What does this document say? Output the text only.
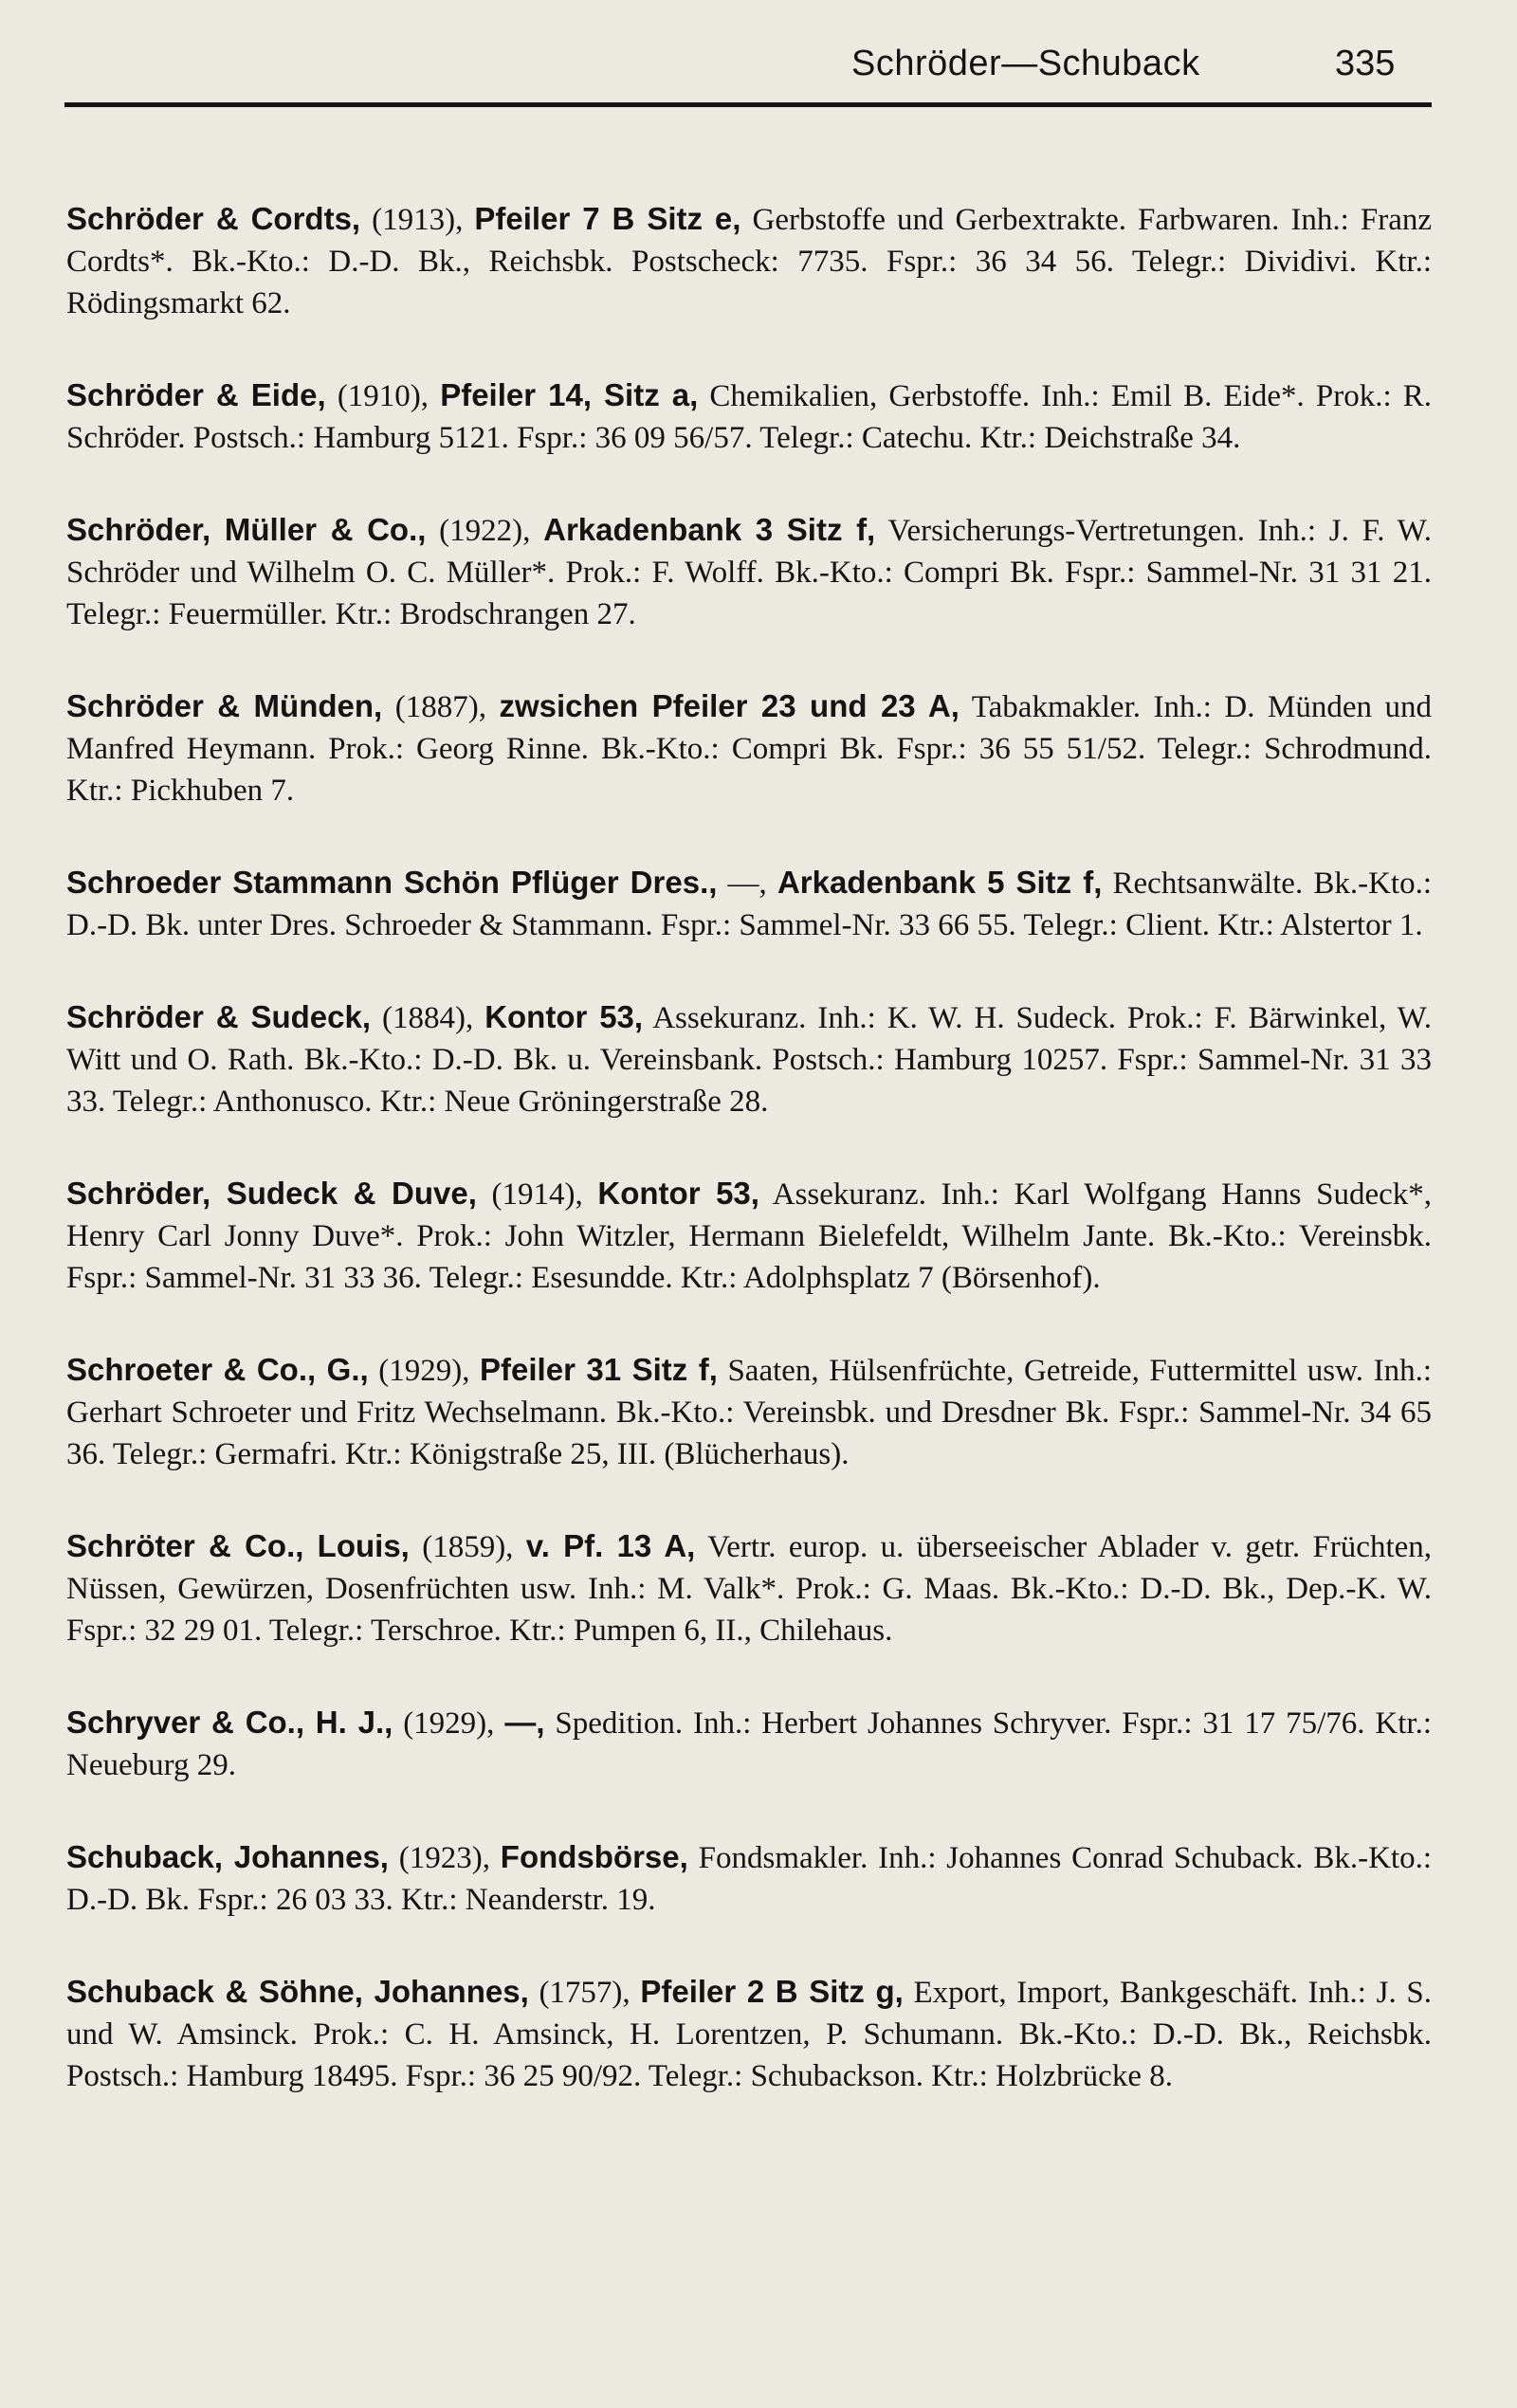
Schröder—Schuback	335

Schröder & Cordts, (1913), Pfeiler 7 B Sitz e, Gerbstoffe und Gerbextrakte. Farbwaren. Inh.: Franz Cordts*. Bk.-Kto.: D.-D. Bk., Reichsbk. Postscheck: 7735. Fspr.: 36 34 56. Telegr.: Dividivi. Ktr.: Rödingsmarkt 62.

Schröder & Eide, (1910), Pfeiler 14, Sitz a, Chemikalien, Gerbstoffe. Inh.: Emil B. Eide*. Prok.: R. Schröder. Postsch.: Hamburg 5121. Fspr.: 36 09 56/57. Telegr.: Catechu. Ktr.: Deichstraße 34.

Schröder, Müller & Co., (1922), Arkadenbank 3 Sitz f, Versicherungs-Vertretungen. Inh.: J. F. W. Schröder und Wilhelm O. C. Müller*. Prok.: F. Wolff. Bk.-Kto.: Compri Bk. Fspr.: Sammel-Nr. 31 31 21. Telegr.: Feuermüller. Ktr.: Brodschrangen 27.

Schröder & Münden, (1887), zwsichen Pfeiler 23 und 23 A, Tabakmakler. Inh.: D. Münden und Manfred Heymann. Prok.: Georg Rinne. Bk.-Kto.: Compri Bk. Fspr.: 36 55 51/52. Telegr.: Schrodmund. Ktr.: Pickhuben 7.

Schroeder Stammann Schön Pflüger Dres., —, Arkadenbank 5 Sitz f, Rechtsanwälte. Bk.-Kto.: D.-D. Bk. unter Dres. Schroeder & Stammann. Fspr.: Sammel-Nr. 33 66 55. Telegr.: Client. Ktr.: Alstertor 1.

Schröder & Sudeck, (1884), Kontor 53, Assekuranz. Inh.: K. W. H. Sudeck. Prok.: F. Bärwinkel, W. Witt und O. Rath. Bk.-Kto.: D.-D. Bk. u. Vereinsbank. Postsch.: Hamburg 10257. Fspr.: Sammel-Nr. 31 33 33. Telegr.: Anthonusco. Ktr.: Neue Gröningerstraße 28.

Schröder, Sudeck & Duve, (1914), Kontor 53, Assekuranz. Inh.: Karl Wolfgang Hanns Sudeck*, Henry Carl Jonny Duve*. Prok.: John Witzler, Hermann Bielefeldt, Wilhelm Jante. Bk.-Kto.: Vereinsbk. Fspr.: Sammel-Nr. 31 33 36. Telegr.: Esesundde. Ktr.: Adolphsplatz 7 (Börsenhof).

Schroeter & Co., G., (1929), Pfeiler 31 Sitz f, Saaten, Hülsenfrüchte, Getreide, Futtermittel usw. Inh.: Gerhart Schroeter und Fritz Wechselmann. Bk.-Kto.: Vereinsbk. und Dresdner Bk. Fspr.: Sammel-Nr. 34 65 36. Telegr.: Germafri. Ktr.: Königstraße 25, III. (Blücherhaus).

Schröter & Co., Louis, (1859), v. Pf. 13 A, Vertr. europ. u. überseeischer Ablader v. getr. Früchten, Nüssen, Gewürzen, Dosenfrüchten usw. Inh.: M. Valk*. Prok.: G. Maas. Bk.-Kto.: D.-D. Bk., Dep.-K. W. Fspr.: 32 29 01. Telegr.: Terschroe. Ktr.: Pumpen 6, II., Chilehaus.

Schryver & Co., H. J., (1929), —, Spedition. Inh.: Herbert Johannes Schryver. Fspr.: 31 17 75/76. Ktr.: Neueburg 29.

Schuback, Johannes, (1923), Fondsbörse, Fondsmakler. Inh.: Johannes Conrad Schuback. Bk.-Kto.: D.-D. Bk. Fspr.: 26 03 33. Ktr.: Neanderstr. 19.

Schuback & Söhne, Johannes, (1757), Pfeiler 2 B Sitz g, Export, Import, Bankgeschäft. Inh.: J. S. und W. Amsinck. Prok.: C. H. Amsinck, H. Lorentzen, P. Schumann. Bk.-Kto.: D.-D. Bk., Reichsbk. Postsch.: Hamburg 18495. Fspr.: 36 25 90/92. Telegr.: Schubackson. Ktr.: Holzbrücke 8.
